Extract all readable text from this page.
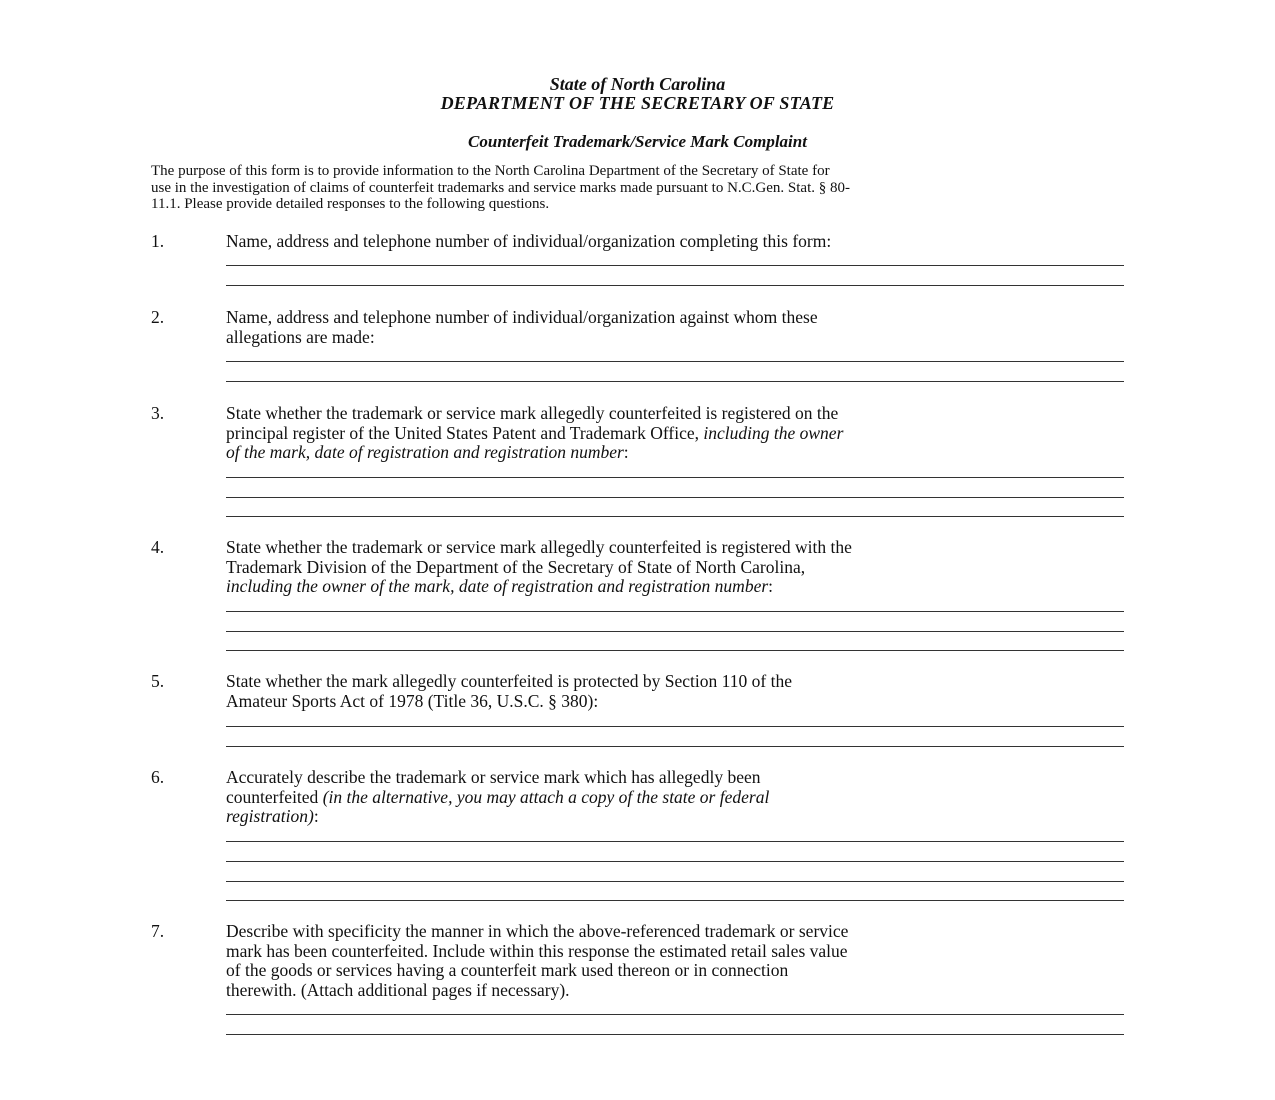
State of North Carolina
DEPARTMENT OF THE SECRETARY OF STATE
Counterfeit Trademark/Service Mark Complaint
The purpose of this form is to provide information to the North Carolina Department of the Secretary of State for
use in the investigation of claims of counterfeit trademarks and service marks made pursuant to N.C.Gen. Stat. § 80-
11.1. Please provide detailed responses to the following questions.
1.	Name, address and telephone number of individual/organization completing this form:
2.	Name, address and telephone number of individual/organization against whom these
allegations are made:
3.	State whether the trademark or service mark allegedly counterfeited is registered on the
principal register of the United States Patent and Trademark Office, including the owner
of the mark, date of registration and registration number:
4.	State whether the trademark or service mark allegedly counterfeited is registered with the
Trademark Division of the Department of the Secretary of State of North Carolina,
including the owner of the mark, date of registration and registration number:
5.	State whether the mark allegedly counterfeited is protected by Section 110 of the
Amateur Sports Act of 1978 (Title 36, U.S.C. § 380):
6.	Accurately describe the trademark or service mark which has allegedly been
counterfeited (in the alternative, you may attach a copy of the state or federal
registration):
7.	Describe with specificity the manner in which the above-referenced trademark or service
mark has been counterfeited. Include within this response the estimated retail sales value
of the goods or services having a counterfeit mark used thereon or in connection
therewith. (Attach additional pages if necessary).
